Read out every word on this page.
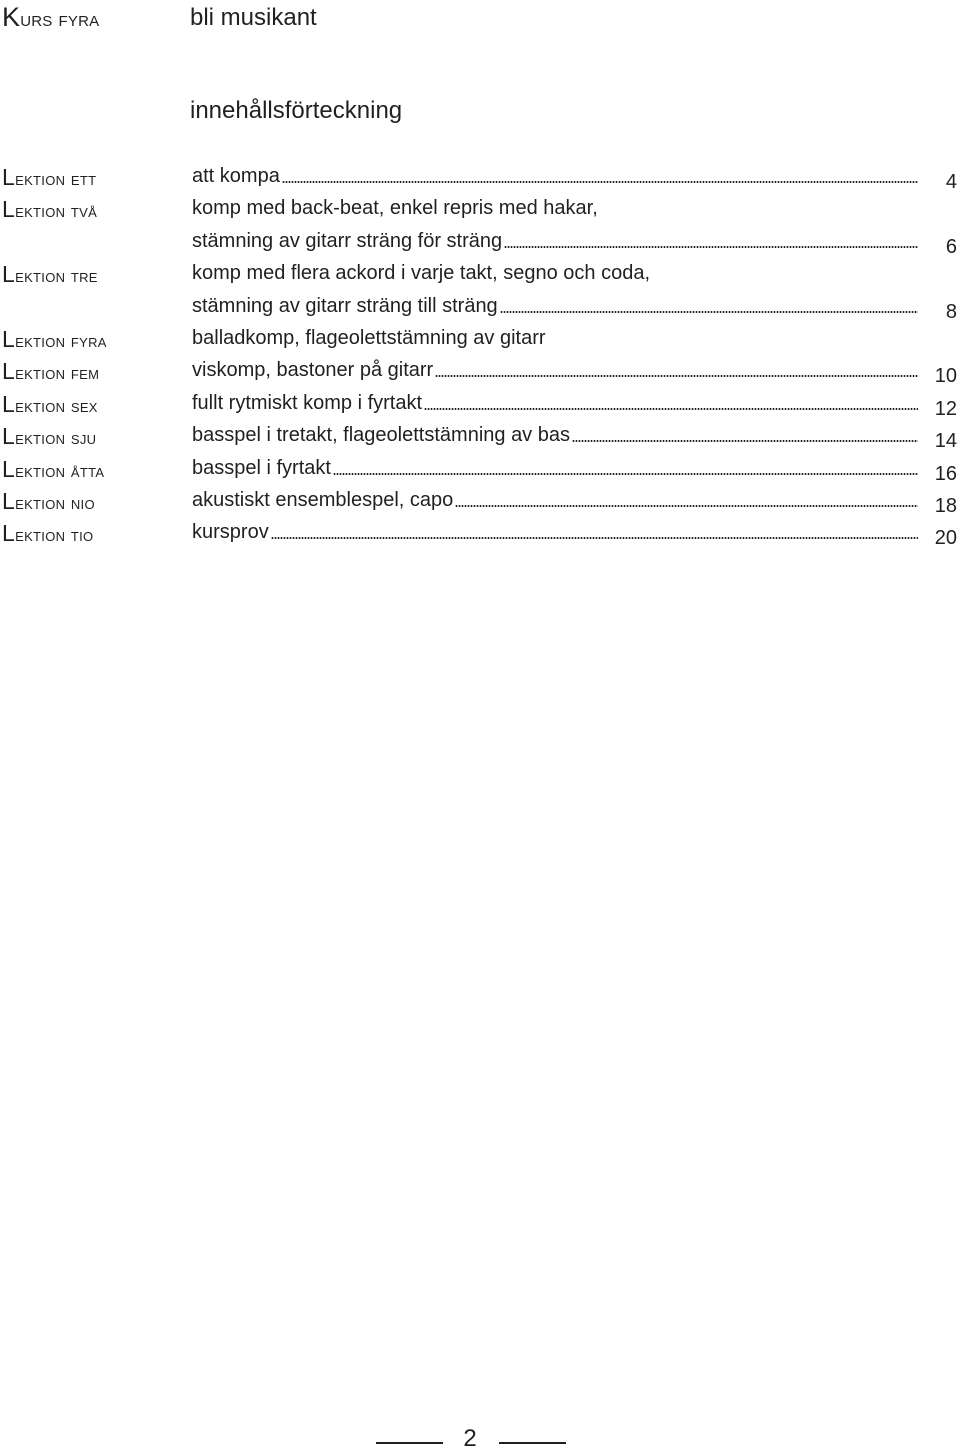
Kurs fyra	bli musikant
innehållsförteckning
Lektion ett	att kompa	4
Lektion två	komp med back-beat, enkel repris med hakar,
stämning av gitarr sträng för sträng	6
Lektion tre	komp med flera ackord i varje takt, segno och coda,
stämning av gitarr sträng till sträng	8
Lektion fyra	balladkomp, flageolettstämning av gitarr
Lektion fem	viskomp, bastoner på gitarr	10
Lektion sex	fullt rytmiskt komp i fyrtakt	12
Lektion sju	basspel i tretakt, flageolettstämning av bas	14
Lektion åtta	basspel i fyrtakt	16
Lektion nio	akustiskt ensemblespel, capo	18
Lektion tio	kursprov	20
2
